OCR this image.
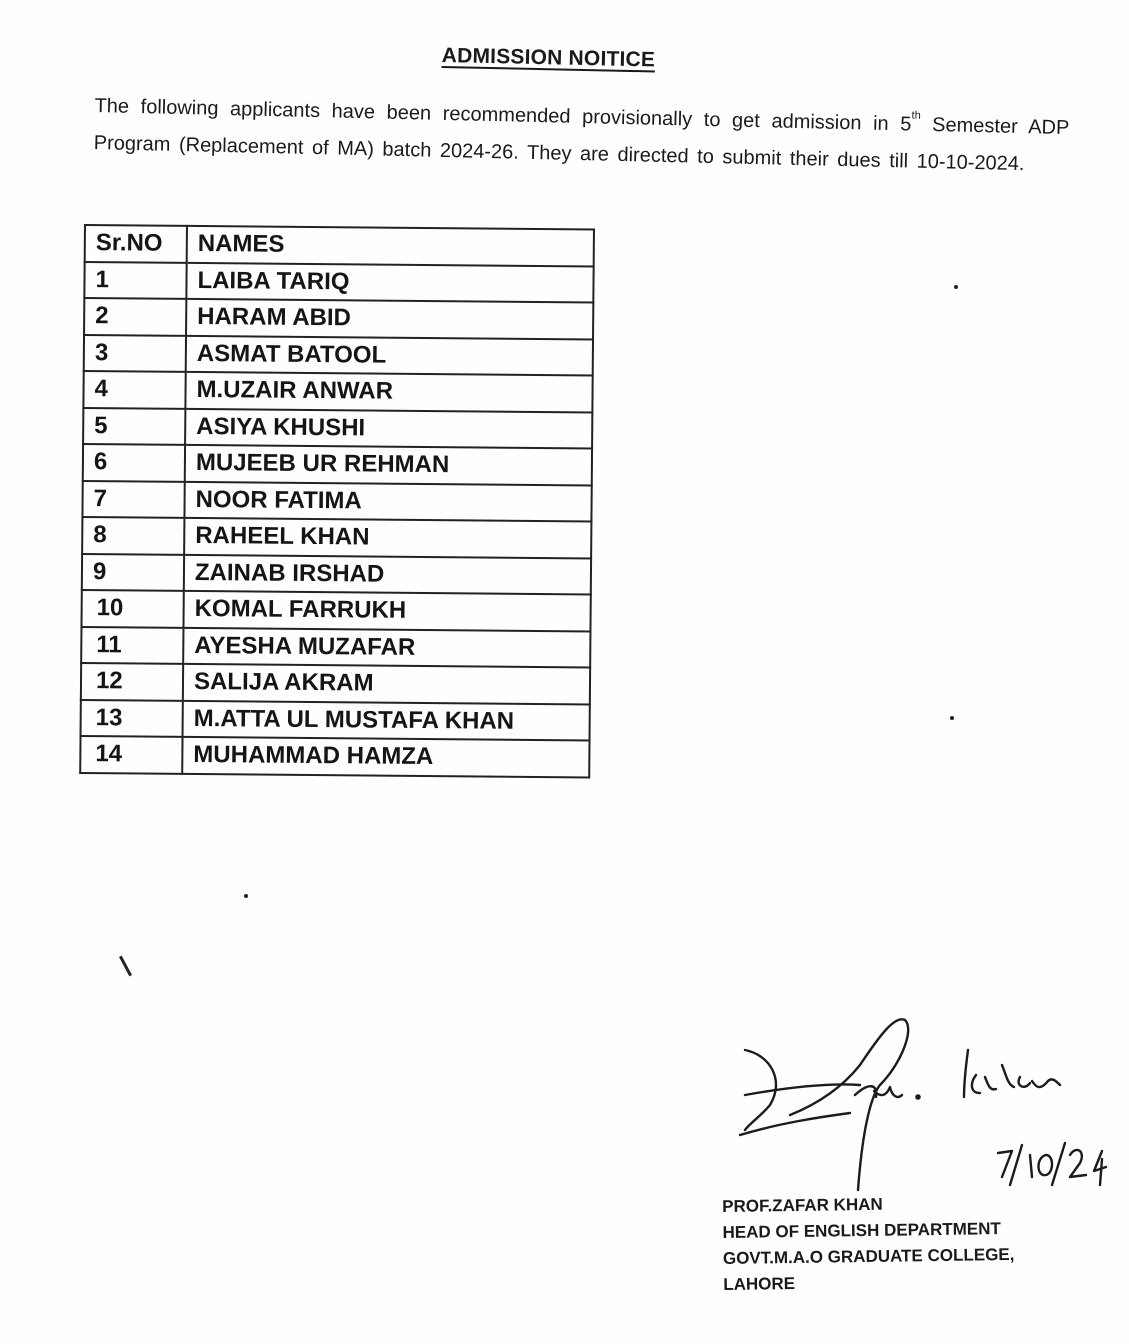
ADMISSION NOITICE
The following applicants have been recommended provisionally to get admission in 5th Semester ADP Program (Replacement of MA) batch 2024-26. They are directed to submit their dues till 10-10-2024.
Sr.NO	NAMES
1	LAIBA TARIQ
2	HARAM ABID
3	ASMAT BATOOL
4	M.UZAIR ANWAR
5	ASIYA KHUSHI
6	MUJEEB UR REHMAN
7	NOOR FATIMA
8	RAHEEL KHAN
9	ZAINAB IRSHAD
10	KOMAL FARRUKH
11	AYESHA MUZAFAR
12	SALIJA AKRAM
13	M.ATTA UL MUSTAFA KHAN
14	MUHAMMAD HAMZA
PROF.ZAFAR KHAN
HEAD OF ENGLISH DEPARTMENT
GOVT.M.A.O GRADUATE COLLEGE,
LAHORE
